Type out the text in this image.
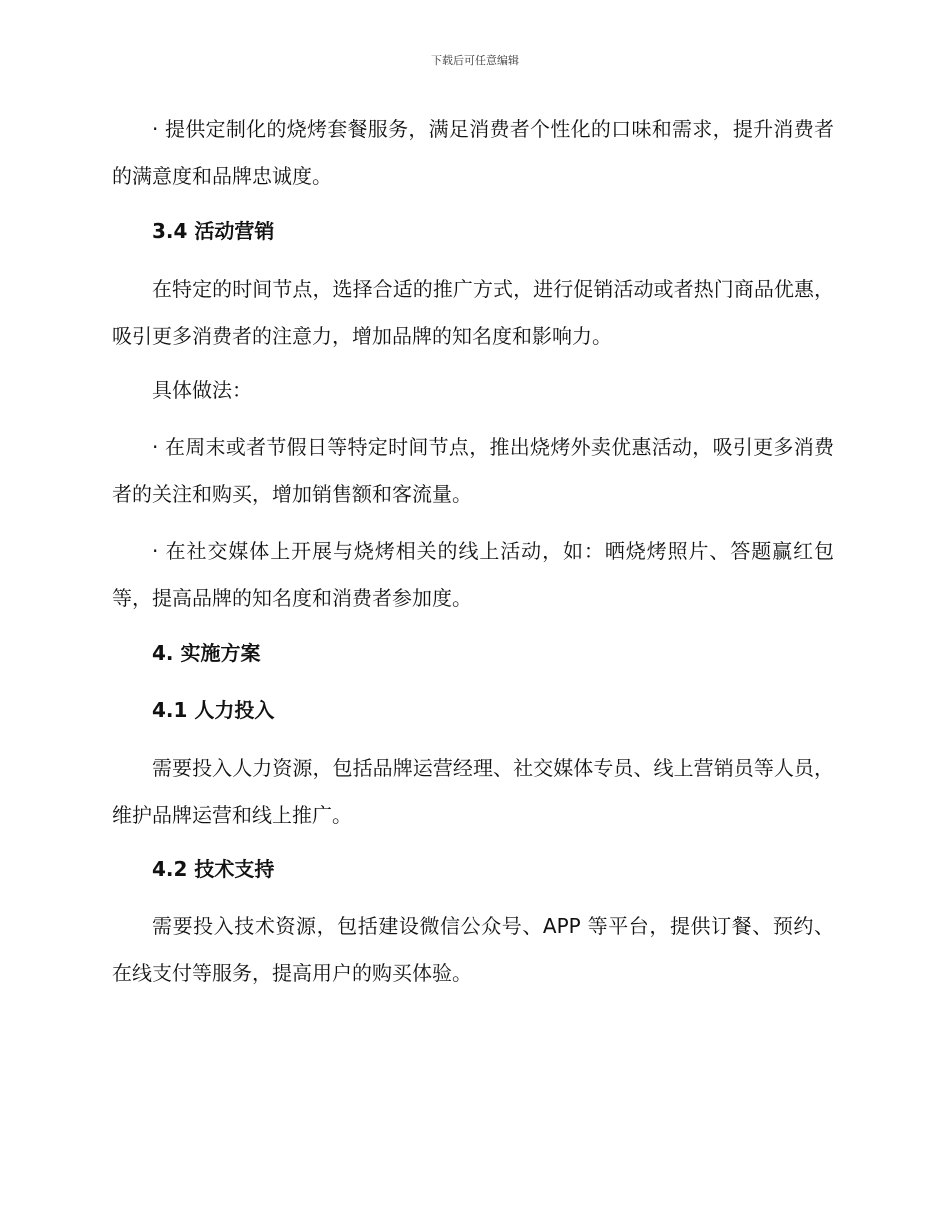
下载后可任意编辑
· 提供定制化的烧烤套餐服务，满足消费者个性化的口味和需求，提升消费者的满意度和品牌忠诚度。
3.4 活动营销
在特定的时间节点，选择合适的推广方式，进行促销活动或者热门商品优惠，吸引更多消费者的注意力，增加品牌的知名度和影响力。
具体做法：
· 在周末或者节假日等特定时间节点，推出烧烤外卖优惠活动，吸引更多消费者的关注和购买，增加销售额和客流量。
· 在社交媒体上开展与烧烤相关的线上活动，如：晒烧烤照片、答题赢红包等，提高品牌的知名度和消费者参加度。
4. 实施方案
4.1 人力投入
需要投入人力资源，包括品牌运营经理、社交媒体专员、线上营销员等人员，维护品牌运营和线上推广。
4.2 技术支持
需要投入技术资源，包括建设微信公众号、APP 等平台，提供订餐、预约、在线支付等服务，提高用户的购买体验。
